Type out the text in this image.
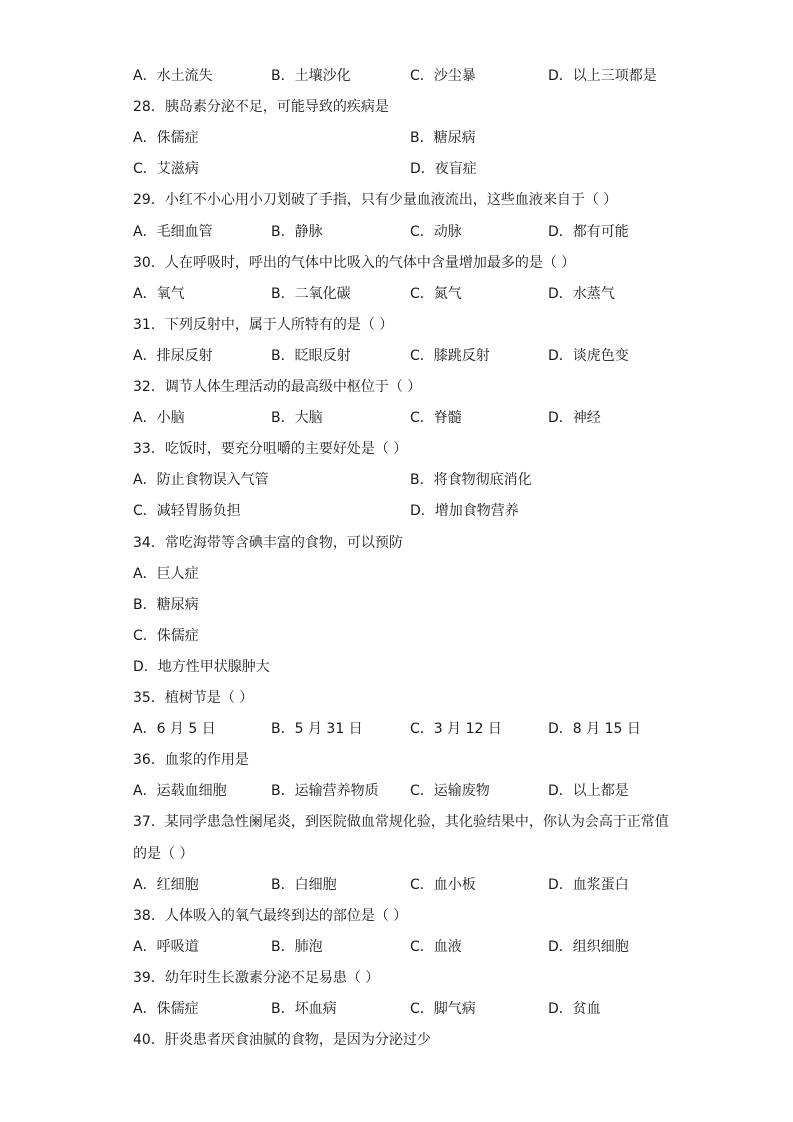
A．水土流失	B．土壤沙化	C．沙尘暴	D．以上三项都是
28．胰岛素分泌不足，可能导致的疾病是
A．侏儒症	B．糖尿病
C．艾滋病	D．夜盲症
29．小红不小心用小刀划破了手指，只有少量血液流出，这些血液来自于（ ）
A．毛细血管	B．静脉	C．动脉	D．都有可能
30．人在呼吸时，呼出的气体中比吸入的气体中含量增加最多的是（ ）
A．氧气	B．二氧化碳	C．氮气	D．水蒸气
31．下列反射中，属于人所特有的是（ ）
A．排尿反射	B．眨眼反射	C．膝跳反射	D．谈虎色变
32．调节人体生理活动的最高级中枢位于（ ）
A．小脑	B．大脑	C．脊髓	D．神经
33．吃饭时，要充分咀嚼的主要好处是（ ）
A．防止食物误入气管	B．将食物彻底消化
C．减轻胃肠负担	D．增加食物营养
34．常吃海带等含碘丰富的食物，可以预防
A．巨人症
B．糖尿病
C．侏儒症
D．地方性甲状腺肿大
35．植树节是（ ）
A．6 月 5 日	B．5 月 31 日	C．3 月 12 日	D．8 月 15 日
36．血浆的作用是
A．运载血细胞	B．运输营养物质 C．运输废物	D．以上都是
37．某同学患急性阑尾炎，到医院做血常规化验，其化验结果中，你认为会高于正常值
的是（ ）
A．红细胞	B．白细胞	C．血小板	D．血浆蛋白
38．人体吸入的氧气最终到达的部位是（ ）
A．呼吸道	B．肺泡	C．血液	D．组织细胞
39．幼年时生长激素分泌不足易患（ ）
A．侏儒症	B．坏血病	C．脚气病	D．贫血
40．肝炎患者厌食油腻的食物，是因为分泌过少
